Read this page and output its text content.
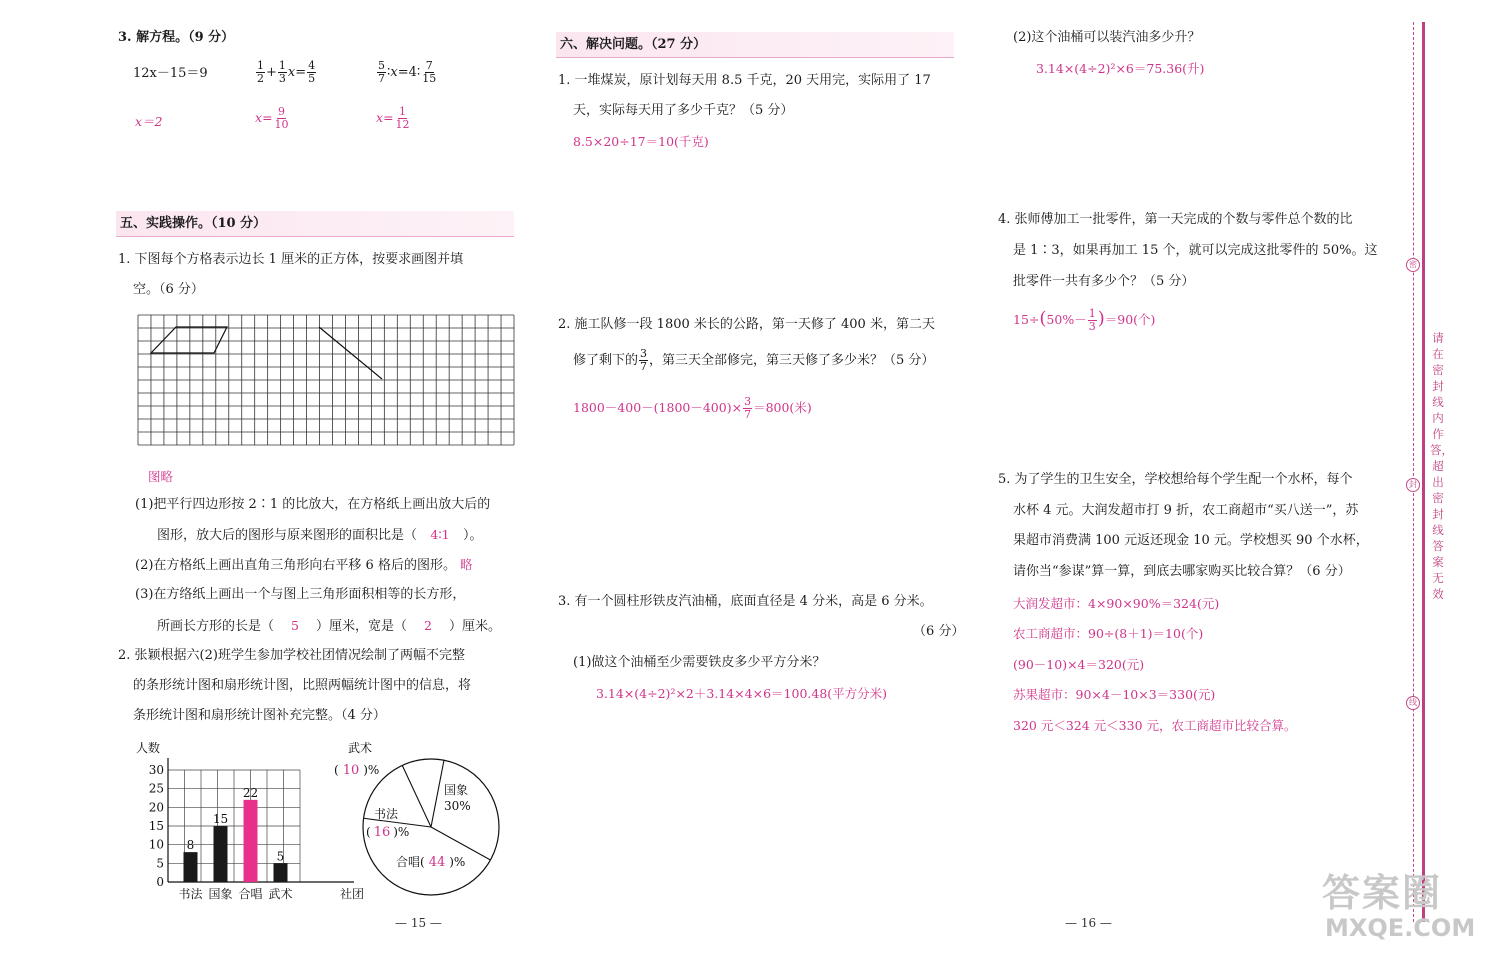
3. 解方程。（9 分）
12x－15＝9	$\frac{1}{2} + \frac{1}{3} x= \frac{4}{5}$	$\frac{5}{7}$ ∶x=4∶ $\frac{7}{15}$
x＝2	$x= \frac{9}{10}$	$x= \frac{1}{12}$
五、实践操作。（10 分）
1. 下图每个方格表示边长 1 厘米的正方体，按要求画图并填
空。（6 分）
图略
(1)把平行四边形按 2∶1 的比放大，在方格纸上画出放大后的
图形，放大后的图形与原来图形的面积比是（ 4∶1 ）。
(2)在方格纸上画出直角三角形向右平移 6 格后的图形。 略
(3)在方络纸上画出一个与图上三角形面积相等的长方形，
所画长方形的长是（ 5 ）厘米，宽是（ 2 ）厘米。
2. 张颖根据六(2)班学生参加学校社团情况绘制了两幅不完整
的条形统计图和扇形统计图，比照两幅统计图中的信息，将
条形统计图和扇形统计图补充完整。（4 分）
0
5
10
15
20
25
30
人数
社团
8
书法
15
国象
22
合唱
5
武术
武术
( 10 )%
国象
30%
书法
( 16 )%
合唱( 44 )%
— 15 —
六、解决问题。（27 分）
1. 一堆煤炭，原计划每天用 8.5 千克，20 天用完，实际用了 17
天，实际每天用了多少千克？（5 分）
8.5×20÷17＝10(千克)
2. 施工队修一段 1800 米长的公路，第一天修了 400 米，第二天
修了剩下的 $\frac{3}{7}$ ，第三天全部修完，第三天修了多少米？（5 分）
$1800-400-(1800-400)\times \frac{3}{7} =800$(米)
3. 有一个圆柱形铁皮汽油桶，底面直径是 4 分米，高是 6 分米。
（6 分）
(1)做这个油桶至少需要铁皮多少平方分米？
3.14×(4÷2)²×2＋3.14×4×6＝100.48(平方分米)
— 16 —
(2)这个油桶可以装汽油多少升？
3.14×(4÷2)²×6＝75.36(升)
4. 张师傅加工一批零件，第一天完成的个数与零件总个数的比
是 1∶3，如果再加工 15 个，就可以完成这批零件的 50%。这
批零件一共有多少个？（5 分）
$15\div(50\%- \frac{1}{3} )=90$(个)
5. 为了学生的卫生安全，学校想给每个学生配一个水杯，每个
水杯 4 元。大润发超市打 9 折，农工商超市“买八送一”，苏
果超市消费满 100 元返还现金 10 元。学校想买 90 个水杯，
请你当“参谋”算一算，到底去哪家购买比较合算？（6 分）
大润发超市：4×90×90%＝324(元)
农工商超市：90÷(8＋1)＝10(个)
(90－10)×4＝320(元)
苏果超市：90×4－10×3＝330(元)
320 元＜324 元＜330 元，农工商超市比较合算。
密
封
线
请在密封线内作答，超出密封线答案无效
答案圈
MXQE.COM
